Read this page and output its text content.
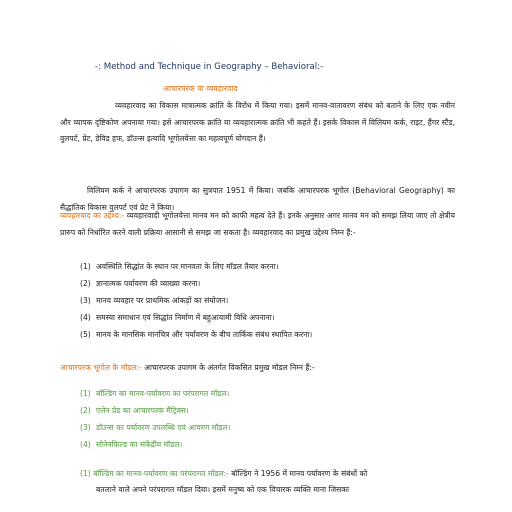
-: Method and Technique in Geography – Behavioral:-
आचारपरक या व्यवहारवाद
व्यवहारवाद का विकास मात्रात्मक क्रांति के विरोध में किया गया। इसमें मानव-वातावरण संबंध को बताने के लिए एक नवीन और व्यापक दृष्टिकोण अपनाया गया। इसे आचारपरक क्रांति या व्यवहारात्मक क्रांति भी कहते हैं। इसके विकास में विलियम कर्क, राइट, हैंगर स्टैंड, वुलपर्ट, प्रेट, डेविड हफ, डॉउन्स इत्यादि भूगोलवेत्ता का महत्वपूर्ण योगदान हैं।
विलियम कर्क ने आचारपरक उपागम का सुत्रपात 1951 में किया। जबकि आचारपरक भूगोल (Behavioral Geography) का सैद्धांतिक विकास वुलपर्ट एवं प्रेट ने किया।
व्यवहारवाद का उद्देश्य:- व्यवहारवादी भूगोलवेत्ता मानव मन को काफी महत्व देते हैं। इनके अनुसार अगर मानव मन को समझ लिया जाए तो क्षेत्रीय प्रारुप को निर्धारित करने वाली प्रक्रिया आसानी से समझ जा सकता है। व्यवहारवाद का प्रमुख उद्देश्य निम्न हैं:-
(1) अवस्थिति सिद्धांत के स्थान पर मानवता के लिए मॉडल तैयार करना।
(2) ज्ञानात्मक पर्यावरण की व्याख्या करना।
(3) मानव व्यवहार पर प्राथमिक आंकड़ों का संयोजन।
(4) समस्या समाधान एवं सिद्धांत निर्माण में बहुआयामी विधि अपनाना।
(5) मानव के मानसिक मानचित्र और पर्यावरण के बीच तार्किक संबंध स्थापित करना।
आचारपरक भूगोल के मॉडल:- आचारपरक उपागम के अंतर्गत विकसित प्रमुख मॉडल निम्न हैं:-
(1) बॉल्डिंग का मानव-पर्यावरण का परंपरागत मॉडल।
(2) एलेन प्रेड का आचारपरक मैट्रिक्स।
(3) डॉउन्स का पर्यावरण उपलब्धि एवं आचरण मॉडल।
(4) सोनेनफिल्ड का संकेंद्रीय मॉडल।
(1) बॉल्डिंग का मानव-पर्यावरण का परंपरागत मॉडल:- बॉल्डिंग ने 1956 में मानव पर्यावरण के संबंधों को
बतलाने वाले अपने परंपरागत मॉडल दिया। इसमें मनुष्य को एक विचारक व्यक्ति माना जिसका
